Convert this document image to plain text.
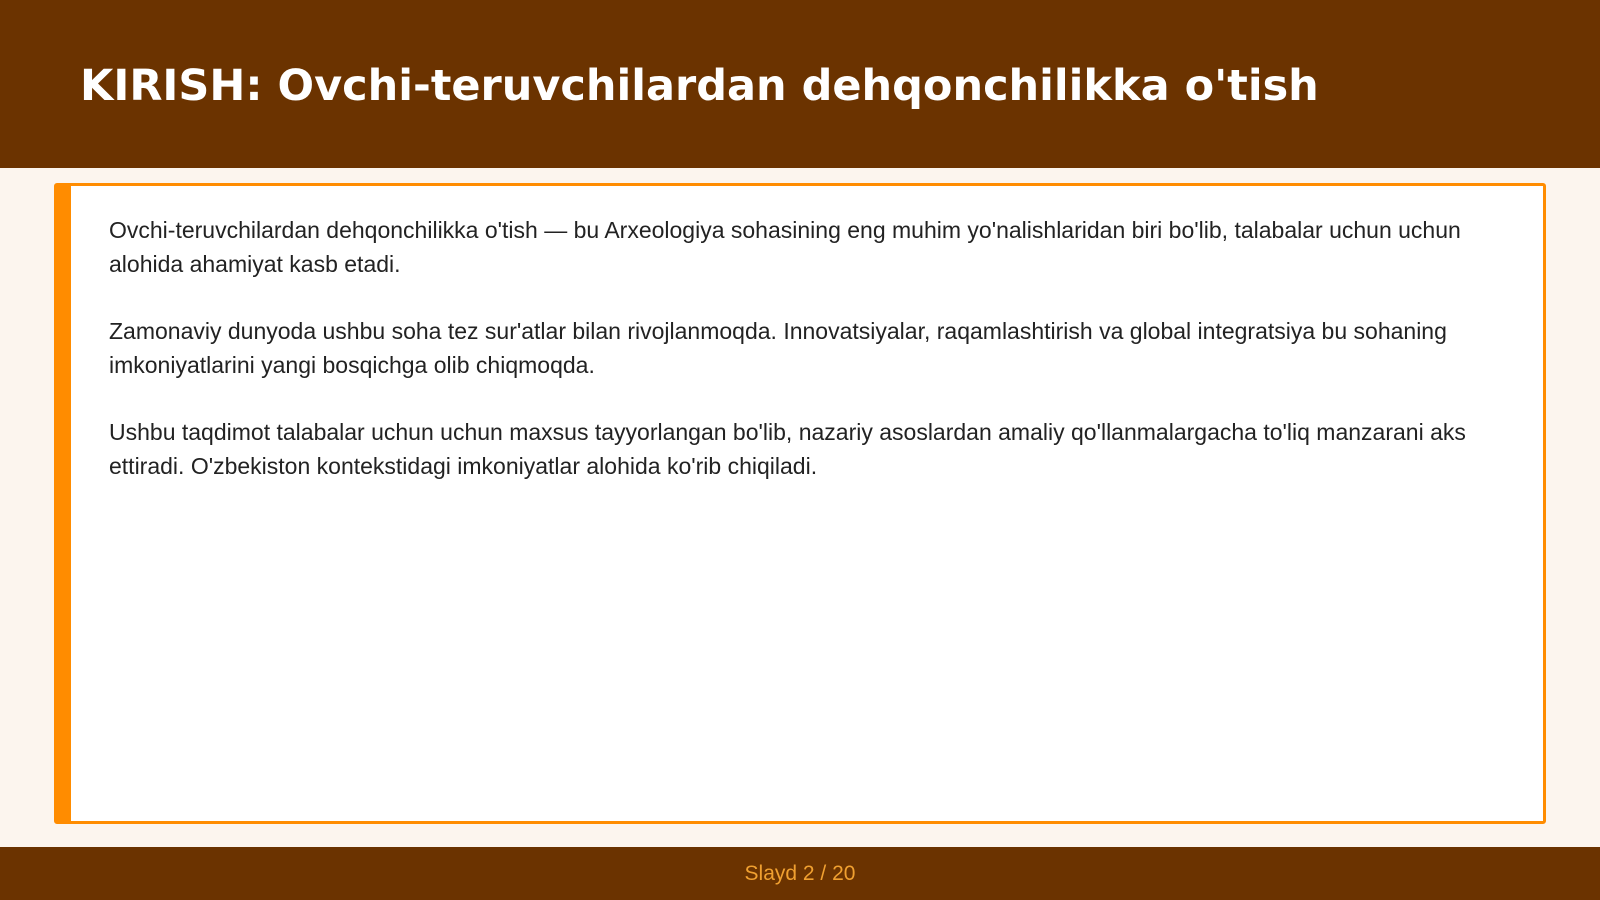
KIRISH: Ovchi-teruvchilardan dehqonchilikka o'tish

Ovchi-teruvchilardan dehqonchilikka o'tish — bu Arxeologiya sohasining eng muhim yo'nalishlaridan biri bo'lib, talabalar uchun uchun alohida ahamiyat kasb etadi.

Zamonaviy dunyoda ushbu soha tez sur'atlar bilan rivojlanmoqda. Innovatsiyalar, raqamlashtirish va global integratsiya bu sohaning imkoniyatlarini yangi bosqichga olib chiqmoqda.

Ushbu taqdimot talabalar uchun uchun maxsus tayyorlangan bo'lib, nazariy asoslardan amaliy qo'llanmalargacha to'liq manzarani aks ettiradi. O'zbekiston kontekstidagi imkoniyatlar alohida ko'rib chiqiladi.

Slayd 2 / 20
